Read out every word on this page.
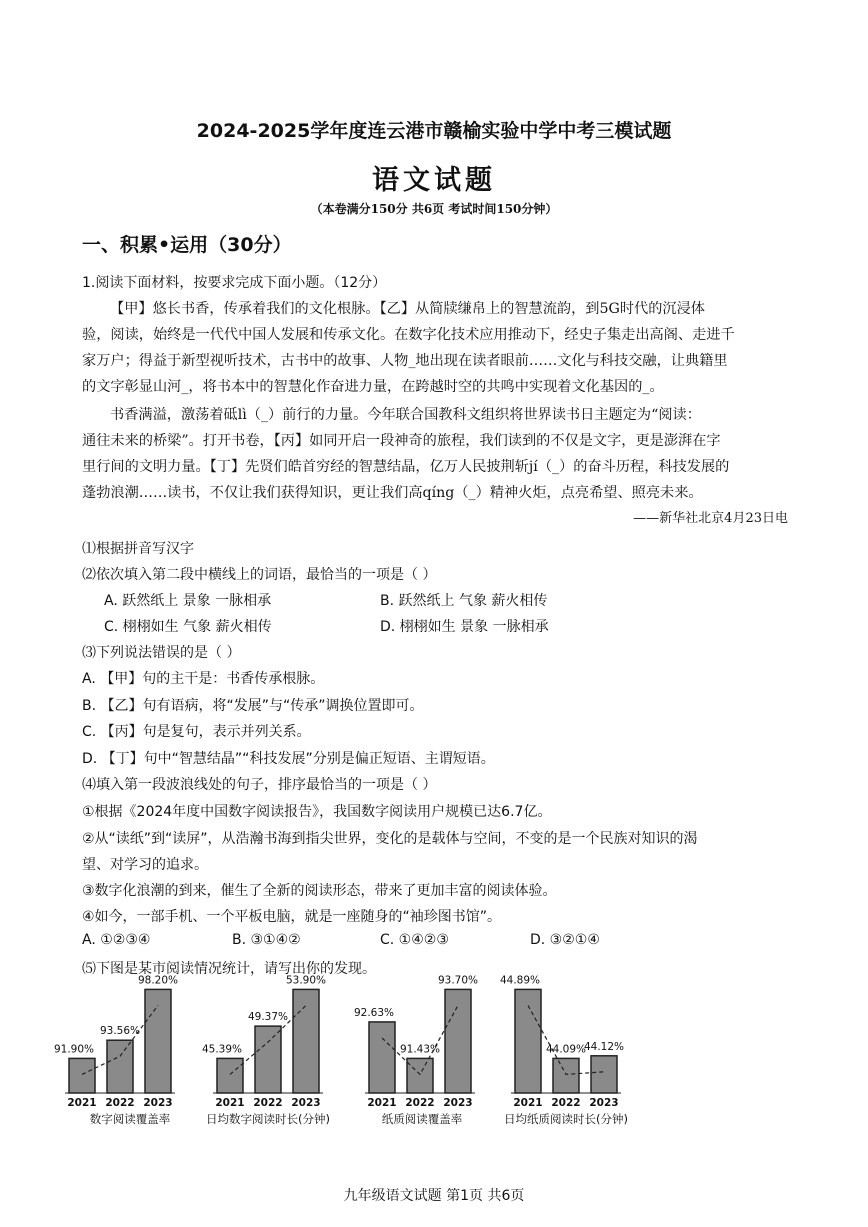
2024-2025学年度连云港市赣榆实验中学中考三模试题
语文试题
（本卷满分150分 共6页 考试时间150分钟）
一、积累•运用（30分）
1.阅读下面材料，按要求完成下面小题。（12分）
【甲】悠长书香，传承着我们的文化根脉。【乙】从简牍缣帛上的智慧流韵，到5G时代的沉浸体
验，阅读，始终是一代代中国人发展和传承文化。在数字化技术应用推动下，经史子集走出高阁、走进千
家万户；得益于新型视听技术，古书中的故事、人物_地出现在读者眼前……文化与科技交融，让典籍里
的文字彰显山河_，将书本中的智慧化作奋进力量，在跨越时空的共鸣中实现着文化基因的_。
书香满溢，激荡着砥lì（_）前行的力量。今年联合国教科文组织将世界读书日主题定为“阅读：
通往未来的桥梁”。打开书卷，【丙】如同开启一段神奇的旅程，我们读到的不仅是文字，更是澎湃在字
里行间的文明力量。【丁】先贤们皓首穷经的智慧结晶，亿万人民披荆斩jí（_）的奋斗历程，科技发展的
蓬勃浪潮……读书，不仅让我们获得知识，更让我们高qíng（_）精神火炬，点亮希望、照亮未来。
——新华社北京4月23日电
⑴根据拼音写汉字
⑵依次填入第二段中横线上的词语，最恰当的一项是（ ）
A. 跃然纸上 景象 一脉相承	B. 跃然纸上 气象 薪火相传
C. 栩栩如生 气象 薪火相传	D. 栩栩如生 景象 一脉相承
⑶下列说法错误的是（ ）
A. 【甲】句的主干是：书香传承根脉。
B. 【乙】句有语病，将“发展”与“传承”调换位置即可。
C. 【丙】句是复句，表示并列关系。
D. 【丁】句中“智慧结晶”“科技发展”分别是偏正短语、主谓短语。
⑷填入第一段波浪线处的句子，排序最恰当的一项是（ ）
①根据《2024年度中国数字阅读报告》，我国数字阅读用户规模已达6.7亿。
②从“读纸”到“读屏”，从浩瀚书海到指尖世界，变化的是载体与空间，不变的是一个民族对知识的渴
望、对学习的追求。
③数字化浪潮的到来，催生了全新的阅读形态，带来了更加丰富的阅读体验。
④如今，一部手机、一个平板电脑，就是一座随身的“袖珍图书馆”。
A. ①②③④	B. ③①④②	C. ①④②③	D. ③②①④
⑸下图是某市阅读情况统计，请写出你的发现。
91.90%
2021
93.56%
2022
98.20%
2023
数字阅读覆盖率
45.39%
2021
49.37%
2022
53.90%
2023
日均数字阅读时长(分钟)
92.63%
2021
91.43%
2022
93.70%
2023
纸质阅读覆盖率
44.89%
2021
44.09%
2022
44.12%
2023
日均纸质阅读时长(分钟)
九年级语文试题 第1页 共6页
